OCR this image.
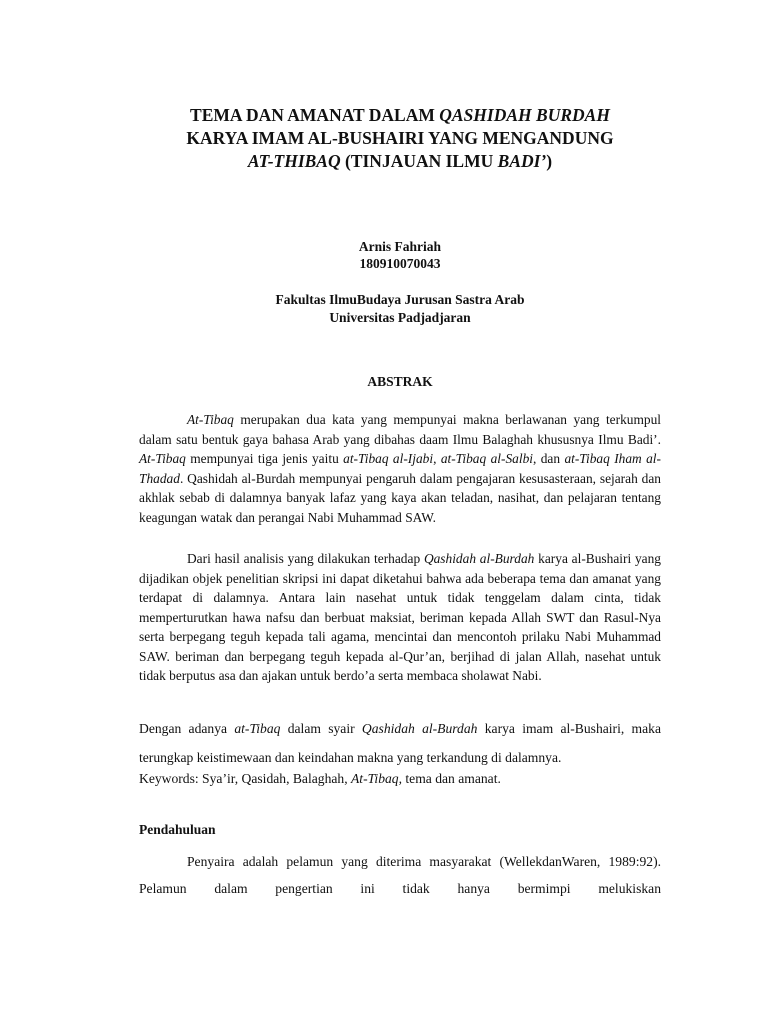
TEMA DAN AMANAT DALAM QASHIDAH BURDAH
KARYA IMAM AL-BUSHAIRI YANG MENGANDUNG
AT-THIBAQ (TINJAUAN ILMU BADI’)
Arnis Fahriah
180910070043
Fakultas IlmuBudaya Jurusan Sastra Arab
Universitas Padjadjaran
ABSTRAK

At-Tibaq merupakan dua kata yang mempunyai makna berlawanan yang terkumpul dalam satu bentuk gaya bahasa Arab yang dibahas daam Ilmu Balaghah khususnya Ilmu Badi’. At-Tibaq mempunyai tiga jenis yaitu at-Tibaq al-Ijabi, at-Tibaq al-Salbi, dan at-Tibaq Iham al-Thadad. Qashidah al-Burdah mempunyai pengaruh dalam pengajaran kesusasteraan, sejarah dan akhlak sebab di dalamnya banyak lafaz yang kaya akan teladan, nasihat, dan pelajaran tentang keagungan watak dan perangai Nabi Muhammad SAW.

Dari hasil analisis yang dilakukan terhadap Qashidah al-Burdah karya al-Bushairi yang dijadikan objek penelitian skripsi ini dapat diketahui bahwa ada beberapa tema dan amanat yang terdapat di dalamnya. Antara lain nasehat untuk tidak tenggelam dalam cinta, tidak memperturutkan hawa nafsu dan berbuat maksiat, beriman kepada Allah SWT dan Rasul-Nya serta berpegang teguh kepada tali agama, mencintai dan mencontoh prilaku Nabi Muhammad SAW. beriman dan berpegang teguh kepada al-Qur’an, berjihad di jalan Allah, nasehat untuk tidak berputus asa dan ajakan untuk berdo’a serta membaca sholawat Nabi.

Dengan adanya at-Tibaq dalam syair Qashidah al-Burdah karya imam al-Bushairi, maka terungkap keistimewaan dan keindahan makna yang terkandung di dalamnya.

Keywords: Sya’ir, Qasidah, Balaghah, At-Tibaq, tema dan amanat.

Pendahuluan

Penyaira adalah pelamun yang diterima masyarakat (WellekdanWaren, 1989:92). Pelamun dalam pengertian ini tidak hanya bermimpi melukiskan
